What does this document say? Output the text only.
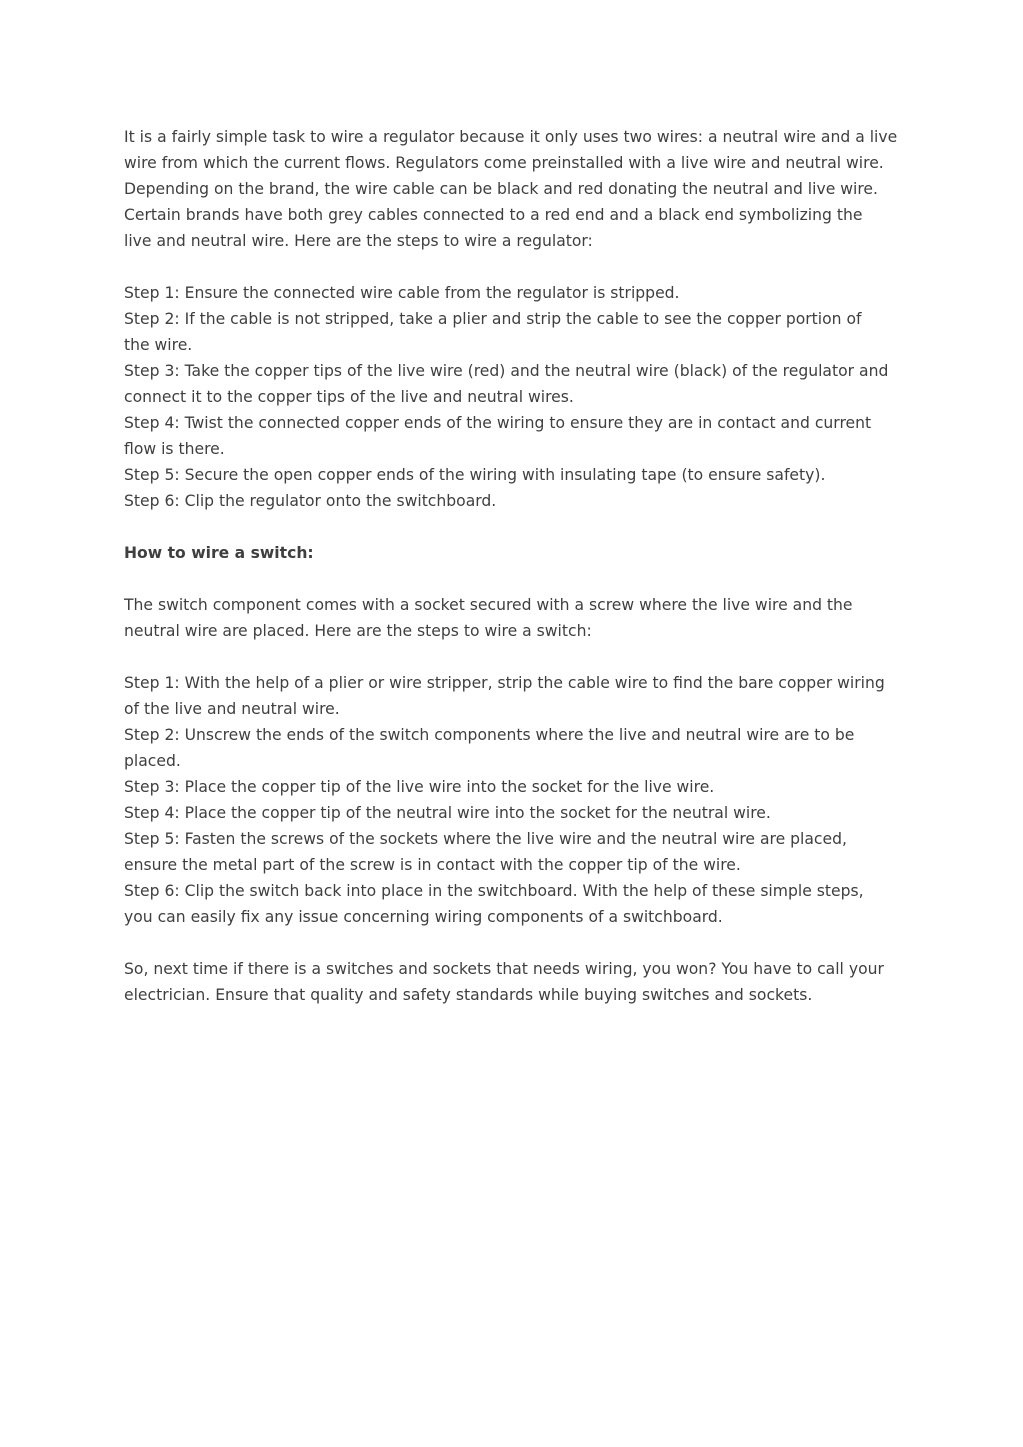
It is a fairly simple task to wire a regulator because it only uses two wires: a neutral wire and a live
wire from which the current flows. Regulators come preinstalled with a live wire and neutral wire.
Depending on the brand, the wire cable can be black and red donating the neutral and live wire.
Certain brands have both grey cables connected to a red end and a black end symbolizing the
live and neutral wire. Here are the steps to wire a regulator:
Step 1: Ensure the connected wire cable from the regulator is stripped.
Step 2: If the cable is not stripped, take a plier and strip the cable to see the copper portion of
the wire.
Step 3: Take the copper tips of the live wire (red) and the neutral wire (black) of the regulator and
connect it to the copper tips of the live and neutral wires.
Step 4: Twist the connected copper ends of the wiring to ensure they are in contact and current
flow is there.
Step 5: Secure the open copper ends of the wiring with insulating tape (to ensure safety).
Step 6: Clip the regulator onto the switchboard.
How to wire a switch:
The switch component comes with a socket secured with a screw where the live wire and the
neutral wire are placed. Here are the steps to wire a switch:
Step 1: With the help of a plier or wire stripper, strip the cable wire to find the bare copper wiring
of the live and neutral wire.
Step 2: Unscrew the ends of the switch components where the live and neutral wire are to be
placed.
Step 3: Place the copper tip of the live wire into the socket for the live wire.
Step 4: Place the copper tip of the neutral wire into the socket for the neutral wire.
Step 5: Fasten the screws of the sockets where the live wire and the neutral wire are placed,
ensure the metal part of the screw is in contact with the copper tip of the wire.
Step 6: Clip the switch back into place in the switchboard. With the help of these simple steps,
you can easily fix any issue concerning wiring components of a switchboard.
So, next time if there is a switches and sockets that needs wiring, you won? You have to call your
electrician. Ensure that quality and safety standards while buying switches and sockets.
